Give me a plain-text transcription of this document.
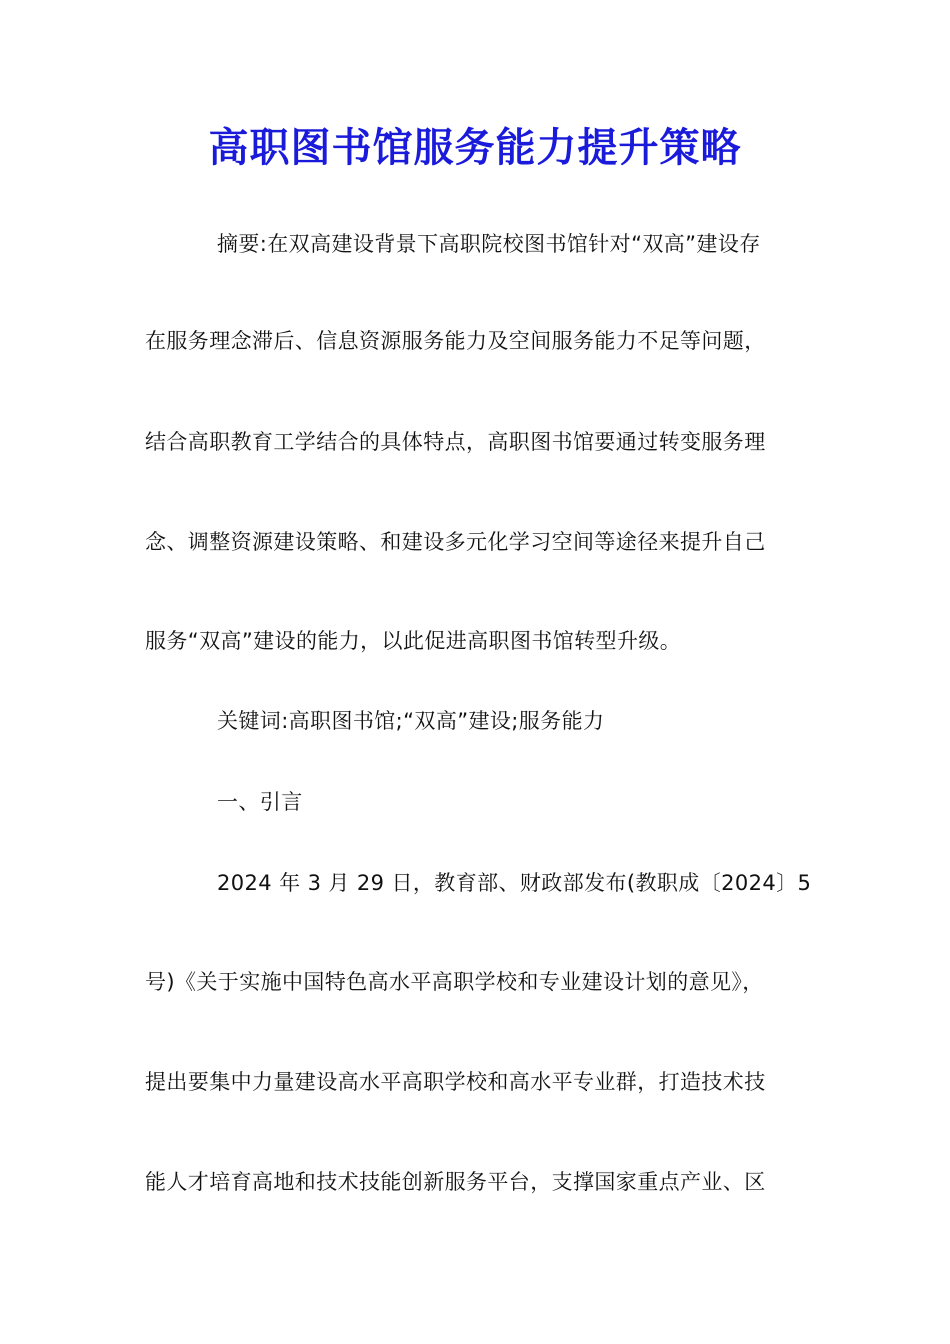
高职图书馆服务能力提升策略
摘要:在双高建设背景下高职院校图书馆针对“双高”建设存
在服务理念滞后、信息资源服务能力及空间服务能力不足等问题，
结合高职教育工学结合的具体特点，高职图书馆要通过转变服务理
念、调整资源建设策略、和建设多元化学习空间等途径来提升自己
服务“双高”建设的能力，以此促进高职图书馆转型升级。
关键词:高职图书馆;“双高”建设;服务能力
一、引言
2024 年 3 月 29 日，教育部、财政部发布(教职成〔2024〕5
号)《关于实施中国特色高水平高职学校和专业建设计划的意见》，
提出要集中力量建设高水平高职学校和高水平专业群，打造技术技
能人才培育高地和技术技能创新服务平台，支撑国家重点产业、区
